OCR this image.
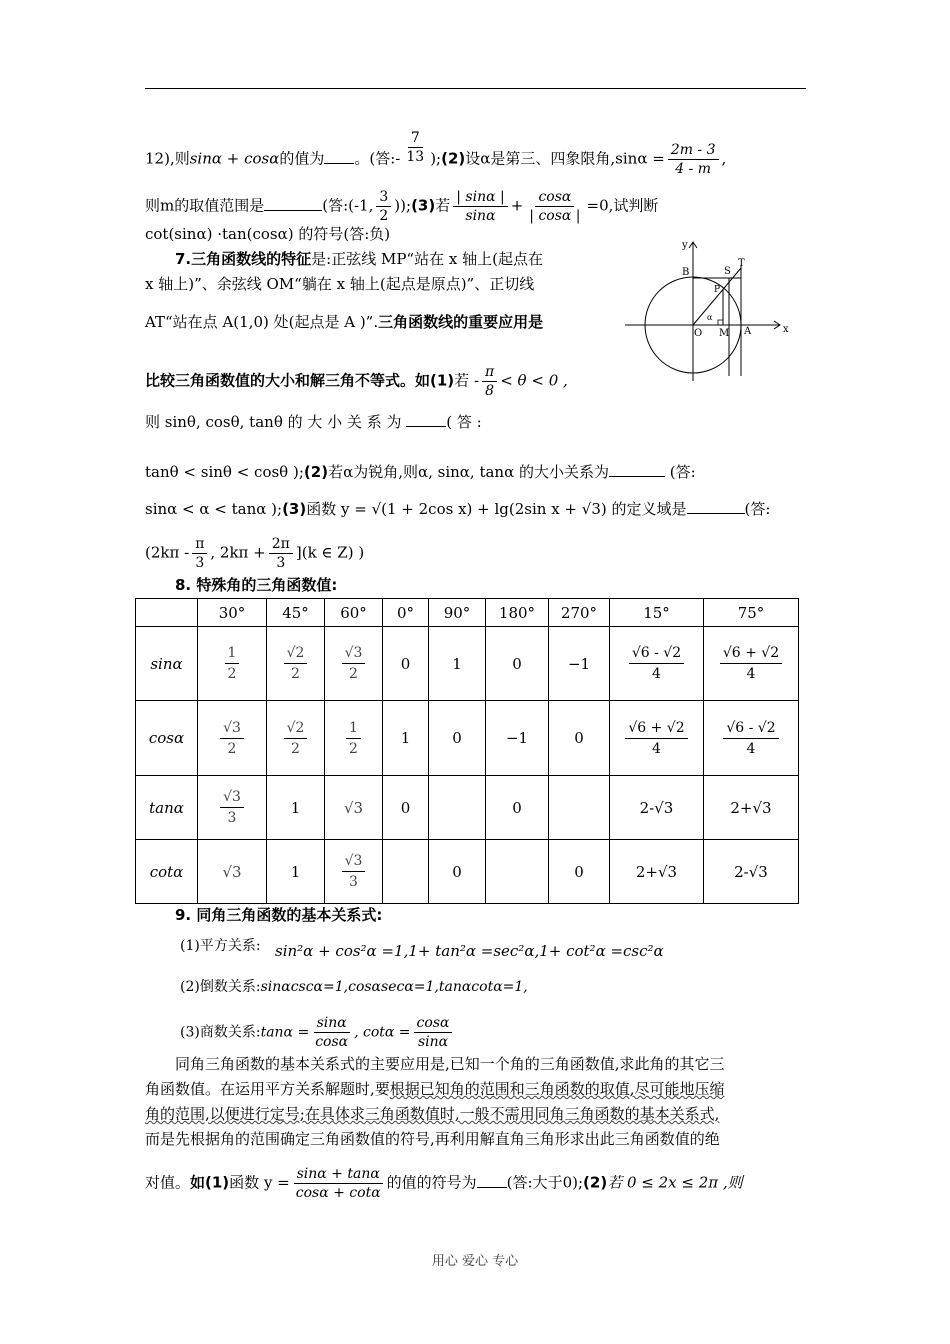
12),则sinα + cosα的值为 。(答:- $\frac{7}{13}$ );(2)设α是第三、四象限角$,\sin\alpha = \frac{2m - 3}{4 - m}$ ,
则m的取值范围是	(答:(-1, $\frac{3}{2}$ ));(3)若 $\frac{| \sin\alpha |}{\sin\alpha} + \frac{\cos\alpha}{| \cos\alpha |} =0$,试判断
cot(sinα) ·tan(cosα) 的符号(答:负)
7.三角函数线的特征是:正弦线 MP“站在 x 轴上(起点在
x 轴上)”、余弦线 OM“躺在 x 轴上(起点是原点)”、正切线
AT“站在点 A(1,0) 处(起点是 A )”.三角函数线的重要应用是
比较三角函数值的大小和解三角不等式。如(1)若 - $\frac{\pi}{8} < \theta < 0$ ,
则 sinθ, cosθ, tanθ 的 大 小 关 系 为	( 答 :
tanθ < sinθ < cosθ );(2)若α为锐角,则α, sinα, tanα 的大小关系为	(答:
sinα < α < tanα );(3)函数 y = √(1 + 2cos x) + lg(2sin x + √3) 的定义域是	(答:
($2k\pi - \frac{\pi}{3}$ , $2k\pi + \frac{2\pi}{3} ](k$ ∈ Z) )
y
x
B	S
T
P
α
O M A
8. 特殊角的三角函数值:
	30°	45°	60°	0°	90°	180°	270°	15°	75°
sinα	$\frac{1}{2}$	$\frac{√2}{2}$	$\frac{√3}{2}$	0	1	0	−1	$\frac{√6 - √2}{4}$	$\frac{√6 + √2}{4}$

cosα	$\frac{√3}{2}$	$\frac{√2}{2}$	$\frac{1}{2}$	1	0	−1	0	$\frac{√6 + √2}{4}$	$\frac{√6 - √2}{4}$

tanα	$\frac{√3}{3}$	1	√3	0		0		2-√3	2+√3
cotα	√3	1	$\frac{√3}{3}$		0		0	2+√3	2-√3
9. 同角三角函数的基本关系式:
(1)平方关系: sin²α + cos²α =1,1+ tan²α =sec²α,1+ cot²α =csc²α
(2)倒数关系:sinαcscα=1,cosαsecα=1,tanαcotα=1,
(3)商数关系:tanα = $\frac{\sin\alpha}{\cos\alpha}$ , $\cot\alpha = \frac{\cos\alpha}{\sin\alpha}$
同角三角函数的基本关系式的主要应用是,已知一个角的三角函数值,求此角的其它三
角函数值。在运用平方关系解题时,要根据已知角的范围和三角函数的取值,尽可能地压缩
角的范围,以便进行定号;在具体求三角函数值时,一般不需用同角三角函数的基本关系式,
而是先根据角的范围确定三角函数值的符号,再利用解直角三角形求出此三角函数值的绝
对值。如(1)函数 $y = \frac{\sin\alpha + \tan\alpha}{\cos\alpha + \cot\alpha}$ 的值的符号为 (答:大于0);(2)若 0 ≤ 2x ≤ 2π ,则
用心 爱心 专心
